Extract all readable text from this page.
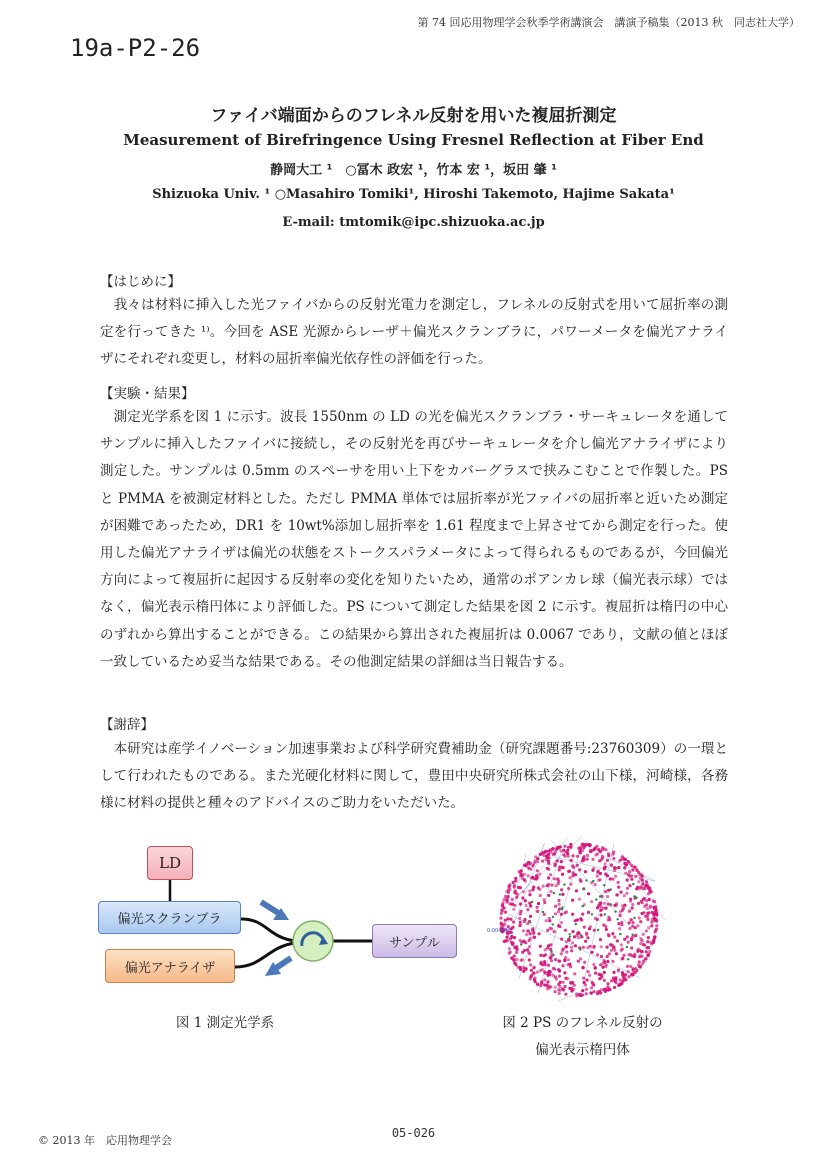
第 74 回応用物理学会秋季学術講演会　講演予稿集（2013 秋　同志社大学）
19a-P2-26
ファイバ端面からのフレネル反射を用いた複屈折測定
Measurement of Birefringence Using Fresnel Reflection at Fiber End
静岡大工 ¹　○冨木 政宏 ¹，竹本 宏 ¹，坂田 肇 ¹
Shizuoka Univ. ¹ ○Masahiro Tomiki¹, Hiroshi Takemoto, Hajime Sakata¹
E-mail: tmtomik@ipc.shizuoka.ac.jp
【はじめに】

　我々は材料に挿入した光ファイバからの反射光電力を測定し，フレネルの反射式を用いて屈折率の測定を行ってきた ¹⁾。今回を ASE 光源からレーザ＋偏光スクランブラに，パワーメータを偏光アナライザにそれぞれ変更し，材料の屈折率偏光依存性の評価を行った。

【実験・結果】

　測定光学系を図 1 に示す。波長 1550nm の LD の光を偏光スクランブラ・サーキュレータを通してサンプルに挿入したファイバに接続し，その反射光を再びサーキュレータを介し偏光アナライザにより測定した。サンプルは 0.5mm のスペーサを用い上下をカバーグラスで挟みこむことで作製した。PS と PMMA を被測定材料とした。ただし PMMA 単体では屈折率が光ファイバの屈折率と近いため測定が困難であったため，DR1 を 10wt%添加し屈折率を 1.61 程度まで上昇させてから測定を行った。使用した偏光アナライザは偏光の状態をストークスパラメータによって得られるものであるが，今回偏光方向によって複屈折に起因する反射率の変化を知りたいため，通常のポアンカレ球（偏光表示球）ではなく，偏光表示楕円体により評価した。PS について測定した結果を図 2 に示す。複屈折は楕円の中心のずれから算出することができる。この結果から算出された複屈折は 0.0067 であり，文献の値とほぼ一致しているため妥当な結果である。その他測定結果の詳細は当日報告する。

【謝辞】

　本研究は産学イノベーション加速事業および科学研究費補助金（研究課題番号:23760309）の一環として行われたものである。また光硬化材料に関して，豊田中央研究所株式会社の山下様，河崎様，各務様に材料の提供と種々のアドバイスのご助力をいただいた。

LD
偏光スクランブラ
偏光アナライザ
サンプル
0.004843
図 1 測定光学系	図 2 PS のフレネル反射の
偏光表示楕円体
© 2013 年　応用物理学会
05-026
